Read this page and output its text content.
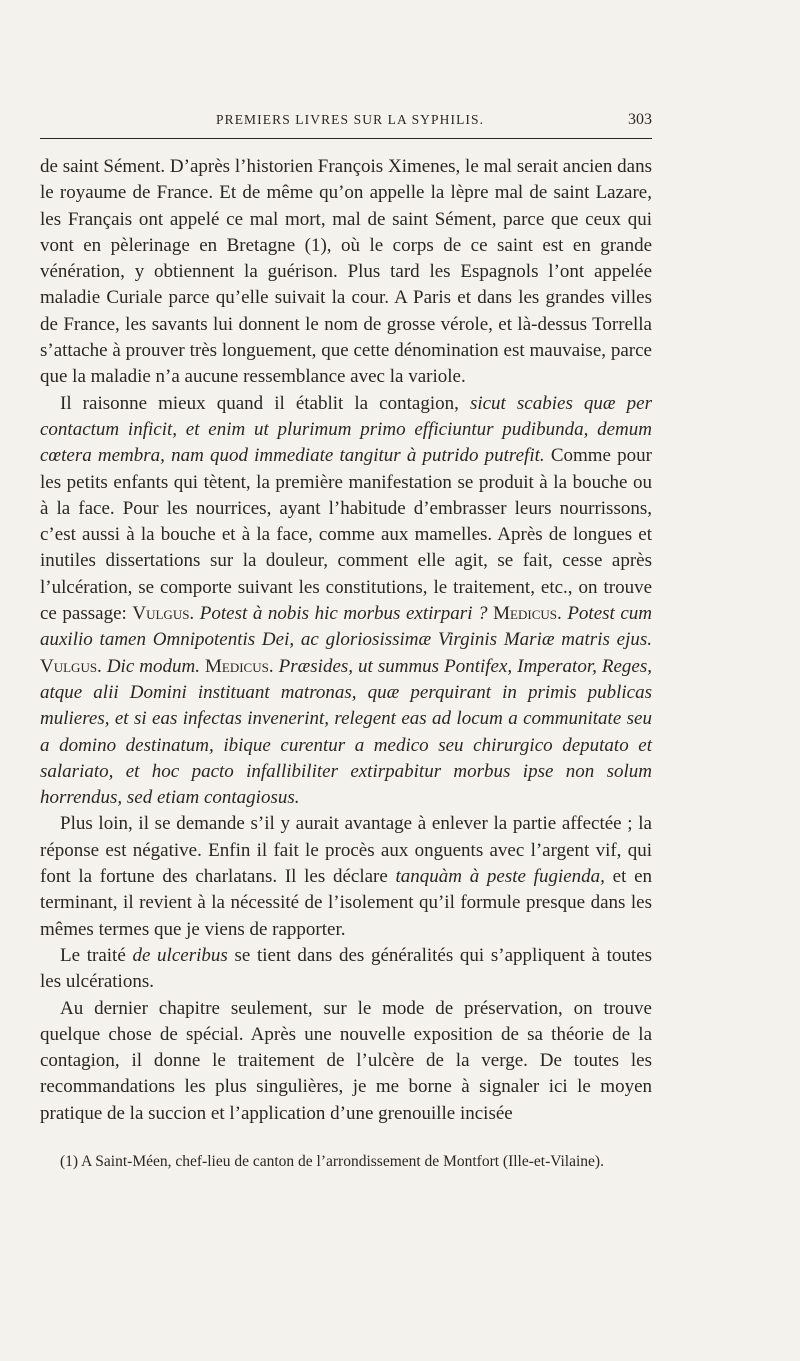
PREMIERS LIVRES SUR LA SYPHILIS.	303

de saint Sément. D’après l’historien François Ximenes, le mal serait ancien dans le royaume de France. Et de même qu’on appelle la lèpre mal de saint Lazare, les Français ont appelé ce mal mort, mal de saint Sément, parce que ceux qui vont en pèlerinage en Bretagne (1), où le corps de ce saint est en grande vénération, y obtiennent la guérison. Plus tard les Espagnols l’ont appelée maladie Curiale parce qu’elle suivait la cour. A Paris et dans les grandes villes de France, les savants lui donnent le nom de grosse vérole, et là-dessus Torrella s’attache à prouver très longuement, que cette dénomination est mauvaise, parce que la maladie n’a aucune ressemblance avec la variole.

Il raisonne mieux quand il établit la contagion, sicut scabies quæ per contactum inficit, et enim ut plurimum primo efficiuntur pudibunda, demum cœtera membra, nam quod immediate tangitur à putrido putrefit. Comme pour les petits enfants qui tètent, la première manifestation se produit à la bouche ou à la face. Pour les nourrices, ayant l’habitude d’embrasser leurs nourrissons, c’est aussi à la bouche et à la face, comme aux mamelles. Après de longues et inutiles dissertations sur la douleur, comment elle agit, se fait, cesse après l’ulcération, se comporte suivant les constitutions, le traitement, etc., on trouve ce passage: Vulgus. Potest à nobis hic morbus extirpari ? Medicus. Potest cum auxilio tamen Omnipotentis Dei, ac gloriosissimæ Virginis Mariæ matris ejus. Vulgus. Dic modum. Medicus. Præsides, ut summus Pontifex, Imperator, Reges, atque alii Domini instituant matronas, quæ perquirant in primis publicas mulieres, et si eas infectas invenerint, relegent eas ad locum a communitate seu a domino destinatum, ibique curentur a medico seu chirurgico deputato et salariato, et hoc pacto infallibiliter extirpabitur morbus ipse non solum horrendus, sed etiam contagiosus.

Plus loin, il se demande s’il y aurait avantage à enlever la partie affectée ; la réponse est négative. Enfin il fait le procès aux onguents avec l’argent vif, qui font la fortune des charlatans. Il les déclare tanquàm à peste fugienda, et en terminant, il revient à la nécessité de l’isolement qu’il formule presque dans les mêmes termes que je viens de rapporter.

Le traité de ulceribus se tient dans des généralités qui s’appliquent à toutes les ulcérations.

Au dernier chapitre seulement, sur le mode de préservation, on trouve quelque chose de spécial. Après une nouvelle exposition de sa théorie de la contagion, il donne le traitement de l’ulcère de la verge. De toutes les recommandations les plus singulières, je me borne à signaler ici le moyen pratique de la succion et l’application d’une grenouille incisée

(1) A Saint-Méen, chef-lieu de canton de l’arrondissement de Montfort (Ille-et-Vilaine).
